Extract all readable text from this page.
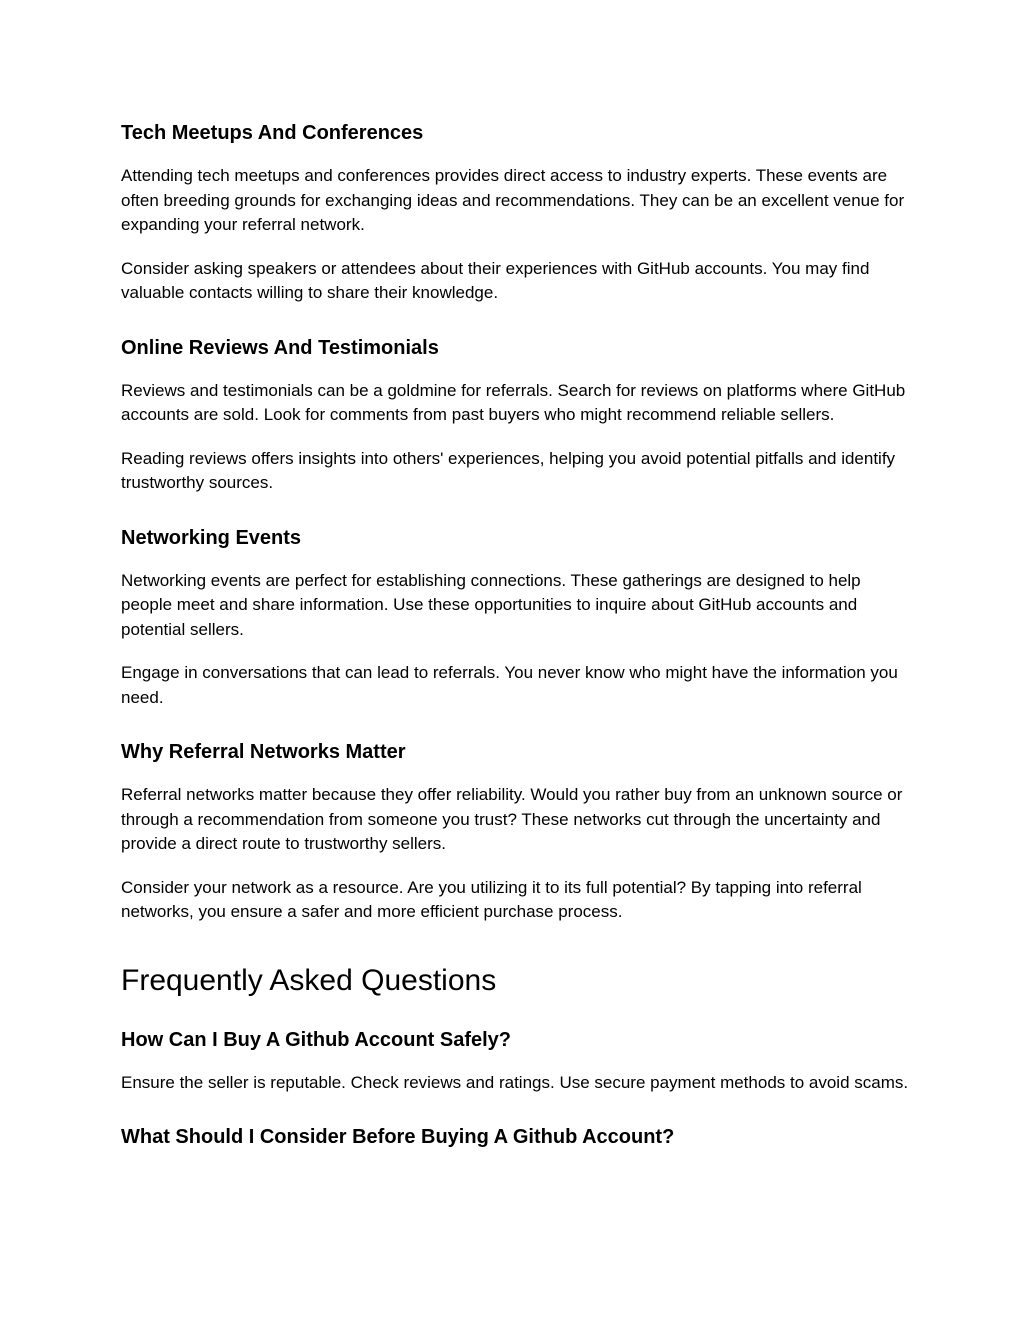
Tech Meetups And Conferences

Attending tech meetups and conferences provides direct access to industry experts. These events are often breeding grounds for exchanging ideas and recommendations. They can be an excellent venue for expanding your referral network.

Consider asking speakers or attendees about their experiences with GitHub accounts. You may find valuable contacts willing to share their knowledge.

Online Reviews And Testimonials

Reviews and testimonials can be a goldmine for referrals. Search for reviews on platforms where GitHub accounts are sold. Look for comments from past buyers who might recommend reliable sellers.

Reading reviews offers insights into others' experiences, helping you avoid potential pitfalls and identify trustworthy sources.

Networking Events

Networking events are perfect for establishing connections. These gatherings are designed to help people meet and share information. Use these opportunities to inquire about GitHub accounts and potential sellers.

Engage in conversations that can lead to referrals. You never know who might have the information you need.

Why Referral Networks Matter

Referral networks matter because they offer reliability. Would you rather buy from an unknown source or through a recommendation from someone you trust? These networks cut through the uncertainty and provide a direct route to trustworthy sellers.

Consider your network as a resource. Are you utilizing it to its full potential? By tapping into referral networks, you ensure a safer and more efficient purchase process.

Frequently Asked Questions
How Can I Buy A Github Account Safely?

Ensure the seller is reputable. Check reviews and ratings. Use secure payment methods to avoid scams.

What Should I Consider Before Buying A Github Account?
